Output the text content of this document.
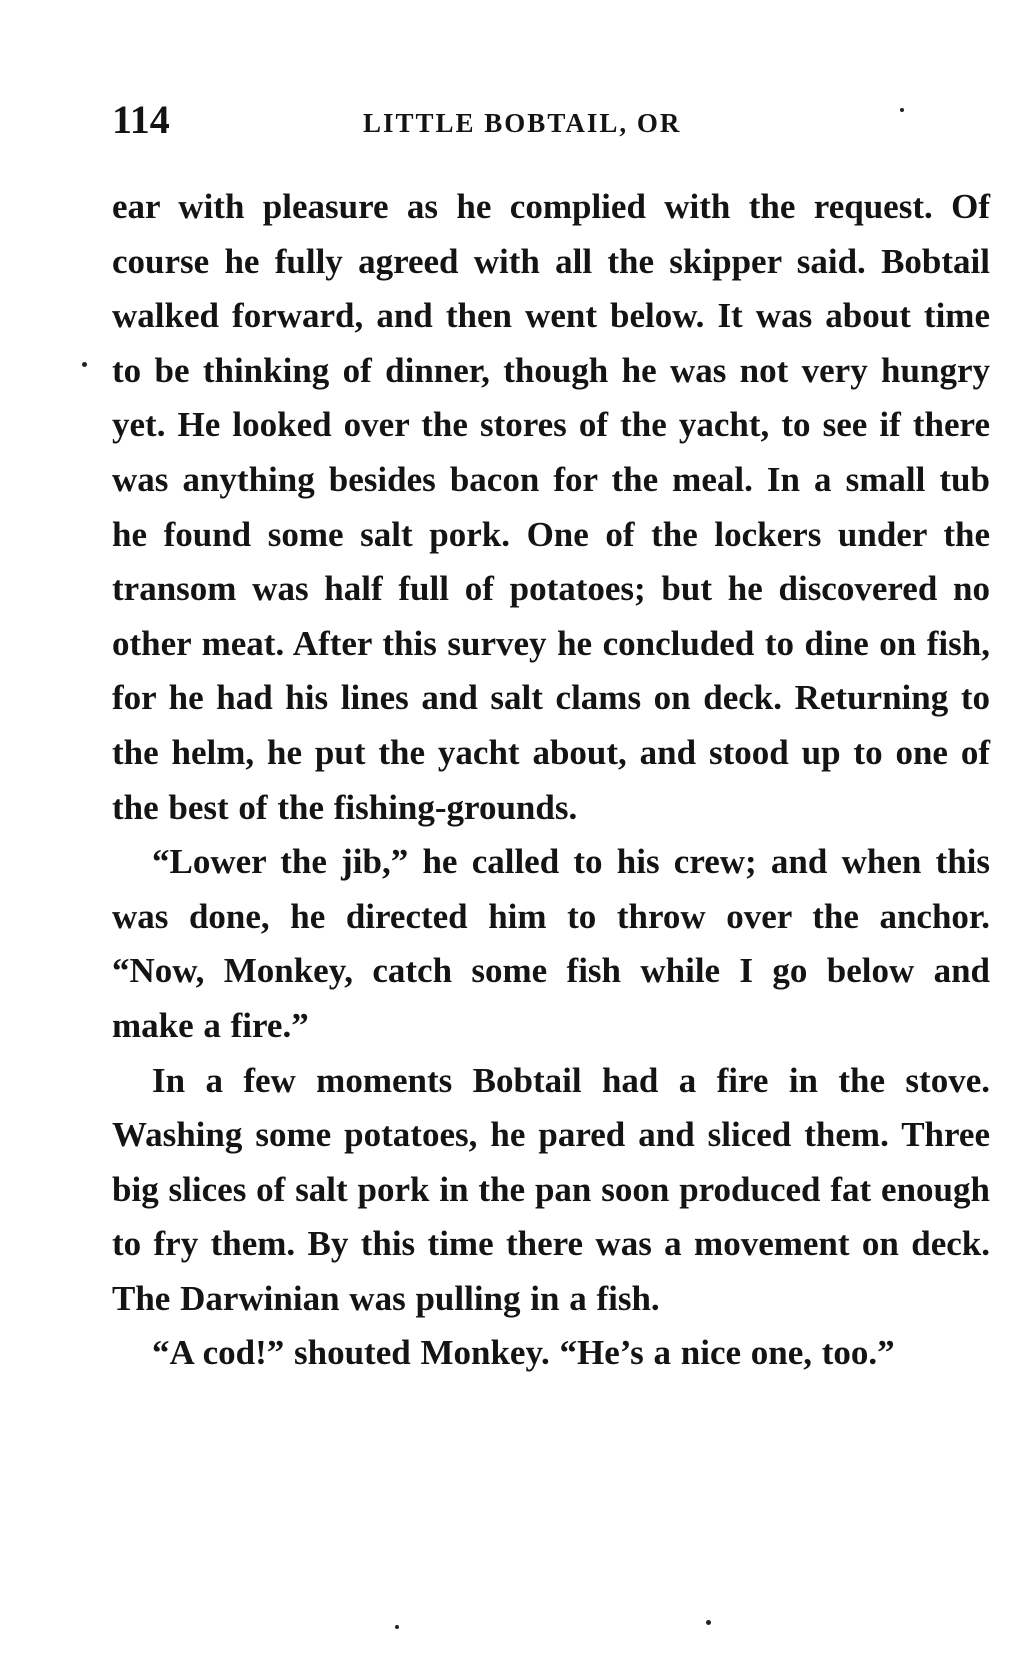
114	LITTLE BOBTAIL, OR

ear with pleasure as he complied with the request. Of course he fully agreed with all the skipper said. Bobtail walked forward, and then went below. It was about time to be thinking of dinner, though he was not very hungry yet. He looked over the stores of the yacht, to see if there was anything besides bacon for the meal. In a small tub he found some salt pork. One of the lockers under the transom was half full of potatoes; but he discovered no other meat. After this survey he concluded to dine on fish, for he had his lines and salt clams on deck. Returning to the helm, he put the yacht about, and stood up to one of the best of the fishing-grounds.

“Lower the jib,” he called to his crew; and when this was done, he directed him to throw over the anchor. “Now, Monkey, catch some fish while I go below and make a fire.”

In a few moments Bobtail had a fire in the stove. Washing some potatoes, he pared and sliced them. Three big slices of salt pork in the pan soon produced fat enough to fry them. By this time there was a movement on deck. The Darwinian was pulling in a fish.

“A cod!” shouted Monkey. “He’s a nice one, too.”
